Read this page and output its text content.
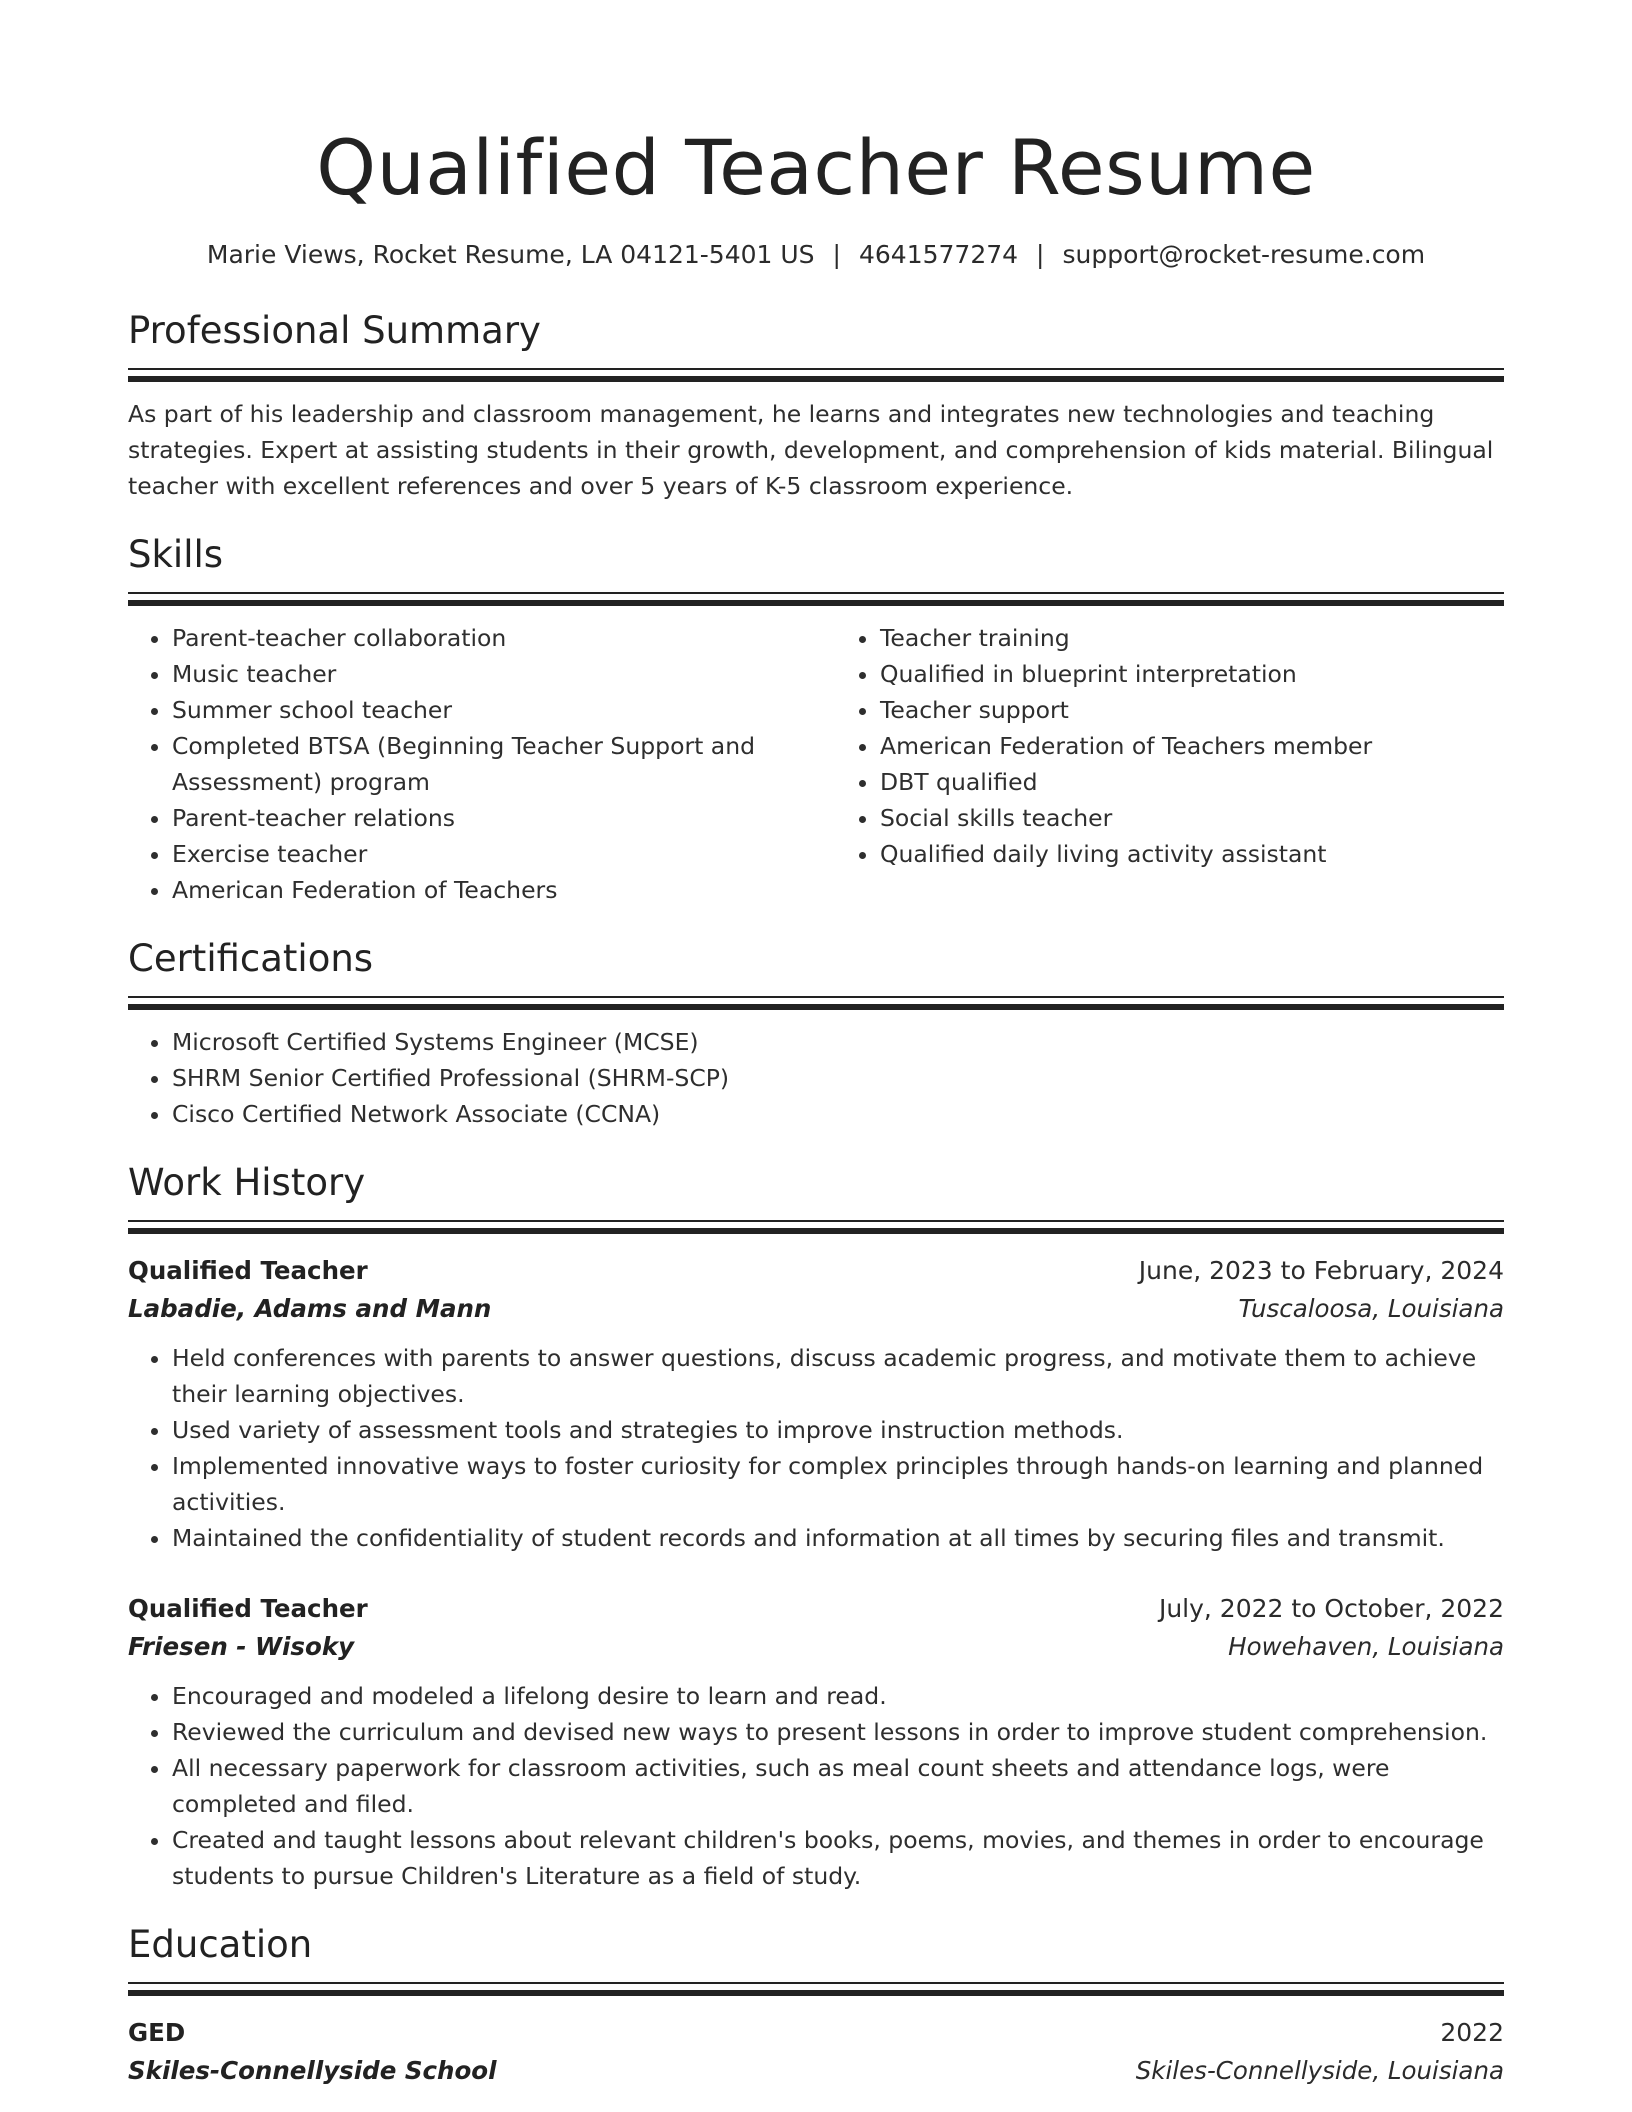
Qualified Teacher Resume
Marie Views, Rocket Resume, LA 04121-5401 US | 4641577274 | support@rocket-resume.com
Professional Summary

As part of his leadership and classroom management, he learns and integrates new technologies and teaching strategies. Expert at assisting students in their growth, development, and comprehension of kids material. Bilingual teacher with excellent references and over 5 years of K-5 classroom experience.

Skills
• Parent-teacher collaboration
• Music teacher
• Summer school teacher
• Completed BTSA (Beginning Teacher Support and Assessment) program
• Parent-teacher relations
• Exercise teacher
• American Federation of Teachers
• Teacher training
• Qualified in blueprint interpretation
• Teacher support
• American Federation of Teachers member
• DBT qualified
• Social skills teacher
• Qualified daily living activity assistant
Certifications
• Microsoft Certified Systems Engineer (MCSE)
• SHRM Senior Certified Professional (SHRM-SCP)
• Cisco Certified Network Associate (CCNA)
Work History
Qualified Teacher	June, 2023 to February, 2024
Labadie, Adams and Mann	Tuscaloosa, Louisiana
• Held conferences with parents to answer questions, discuss academic progress, and motivate them to achieve their learning objectives.
• Used variety of assessment tools and strategies to improve instruction methods.
• Implemented innovative ways to foster curiosity for complex principles through hands-on learning and planned activities.
• Maintained the confidentiality of student records and information at all times by securing files and transmit.
Qualified Teacher	July, 2022 to October, 2022
Friesen - Wisoky	Howehaven, Louisiana
• Encouraged and modeled a lifelong desire to learn and read.
• Reviewed the curriculum and devised new ways to present lessons in order to improve student comprehension.
• All necessary paperwork for classroom activities, such as meal count sheets and attendance logs, were completed and filed.
• Created and taught lessons about relevant children's books, poems, movies, and themes in order to encourage students to pursue Children's Literature as a field of study.
Education
GED	2022
Skiles-Connellyside School	Skiles-Connellyside, Louisiana
